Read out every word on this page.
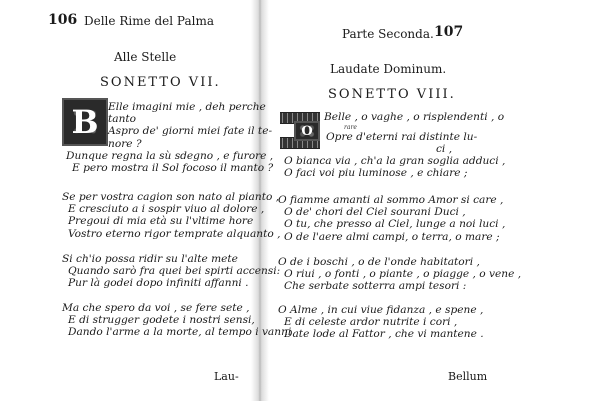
106 Delle Rime del Palma
Alle Stelle
SONETTO VII.
B Elle imagini mie , deh perche
tanto
Aspro de' giorni miei fate il te-
nore ?
Dunque regna la sù sdegno , e furore ,
E pero mostra il Sol focoso il manto ?
Se per vostra cagion son nato al pianto ,
E cresciuto a i sospir viuo al dolore ,
Pregoui di mia età su l'vltime hore
Vostro eterno rigor temprate alquanto ,
Si ch'io possa ridir su l'alte mete
Quando sarò fra quei bei spirti accensi:
Pur là godei dopo infiniti affanni .
Ma che spero da voi , se fere sete ,
E di strugger godete i nostri sensi,
Dando l'arme a la morte, al tempo i vanni
Lau-
Parte Seconda. 107
Laudate Dominum.
SONETTO VIII.
O
Belle , o vaghe , o risplendenti , o
rare
Opre d'eterni rai distinte lu-
ci ,
O bianca via , ch'a la gran soglia adduci ,
O faci voi piu luminose , e chiare ;
O fiamme amanti al sommo Amor si care ,
O de' chori del Ciel sourani Duci ,
O tu, che presso al Ciel, lunge a noi luci ,
O de l'aere almi campi, o terra, o mare ;
O de i boschi , o de l'onde habitatori ,
O riui , o fonti , o piante , o piagge , o vene ,
Che serbate sotterra ampi tesori :
O Alme , in cui viue fidanza , e spene ,
E di celeste ardor nutrite i cori ,
Date lode al Fattor , che vi mantene .
Bellum
